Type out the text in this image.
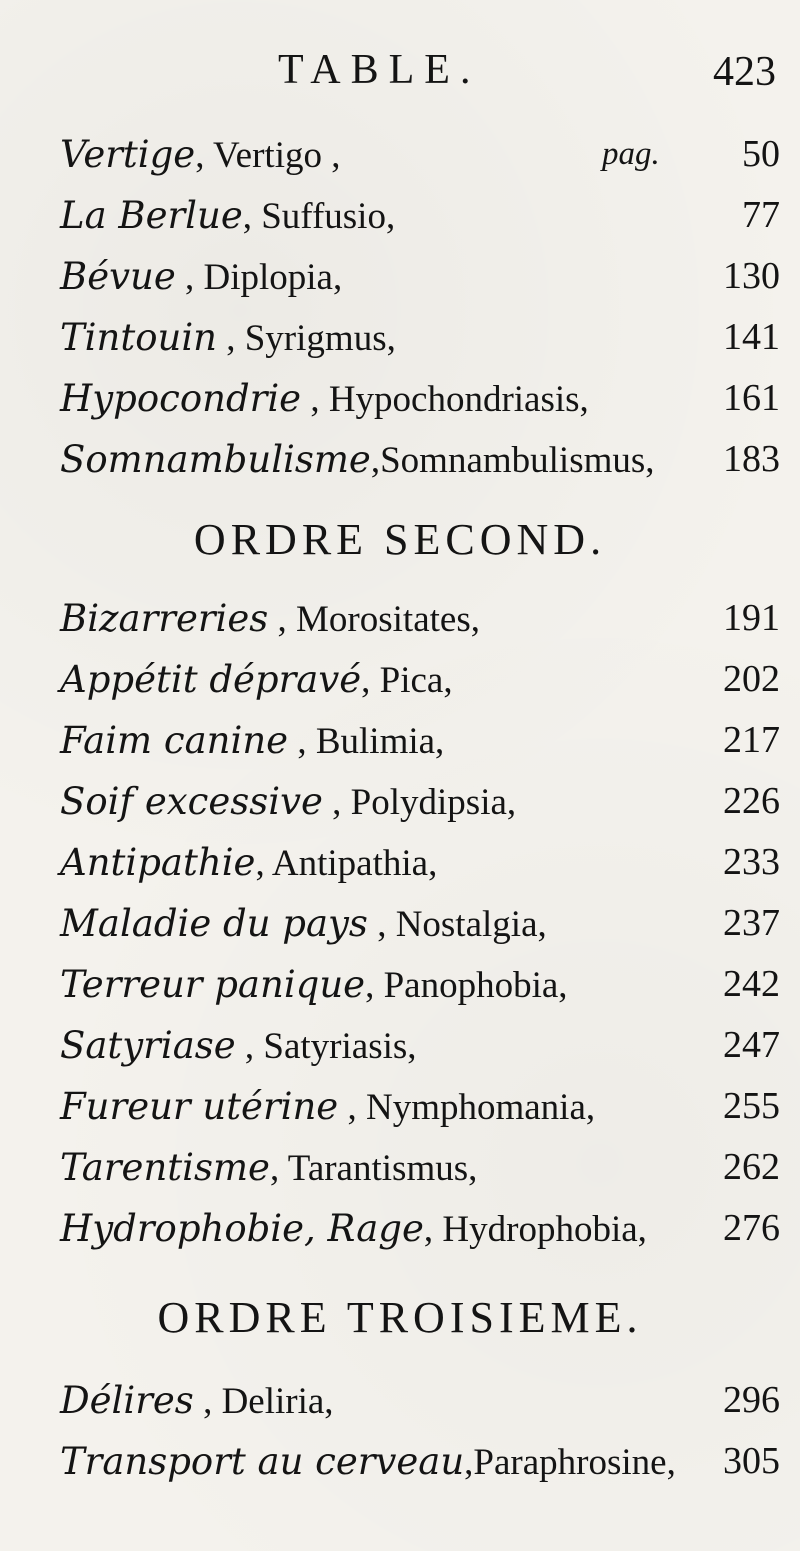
TABLE.	423
Vertige, Vertigo ,	pag.	50
La Berlue, Suffusio,	77
Bévue , Diplopia,	130
Tintouin , Syrigmus,	141
Hypocondrie , Hypochondriasis,	161
Somnambulisme,Somnambulismus,	183
ORDRE SECOND.
Bizarreries , Morositates,	191
Appétit dépravé, Pica,	202
Faim canine , Bulimia,	217
Soif excessive , Polydipsia,	226
Antipathie, Antipathia,	233
Maladie du pays , Nostalgia,	237
Terreur panique, Panophobia,	242
Satyriase , Satyriasis,	247
Fureur utérine , Nymphomania,	255
Tarentisme, Tarantismus,	262
Hydrophobie, Rage, Hydrophobia,	276
ORDRE TROISIEME.
Délires , Deliria,	296
Transport au cerveau,Paraphrosine,	305
